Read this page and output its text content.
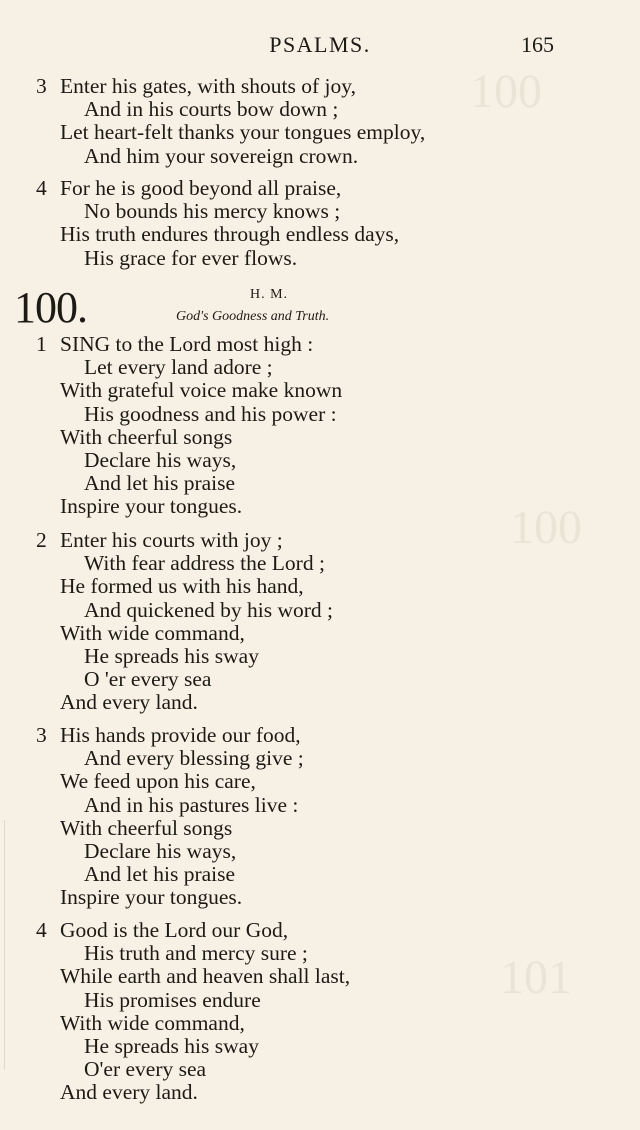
100
100
101
PSALMS.	165
3 Enter his gates, with shouts of joy,
And in his courts bow down ;
Let heart-felt thanks your tongues employ,
And him your sovereign crown.
4 For he is good beyond all praise,
No bounds his mercy knows ;
His truth endures through endless days,
His grace for ever flows.
100.	H. M.
God's Goodness and Truth.
1 SING to the Lord most high :
Let every land adore ;
With grateful voice make known
His goodness and his power :
With cheerful songs
Declare his ways,
And let his praise
Inspire your tongues.
2 Enter his courts with joy ;
With fear address the Lord ;
He formed us with his hand,
And quickened by his word ;
With wide command,
He spreads his sway
O 'er every sea
And every land.
3 His hands provide our food,
And every blessing give ;
We feed upon his care,
And in his pastures live :
With cheerful songs
Declare his ways,
And let his praise
Inspire your tongues.
4 Good is the Lord our God,
His truth and mercy sure ;
While earth and heaven shall last,
His promises endure
With wide command,
He spreads his sway
O'er every sea
And every land.
